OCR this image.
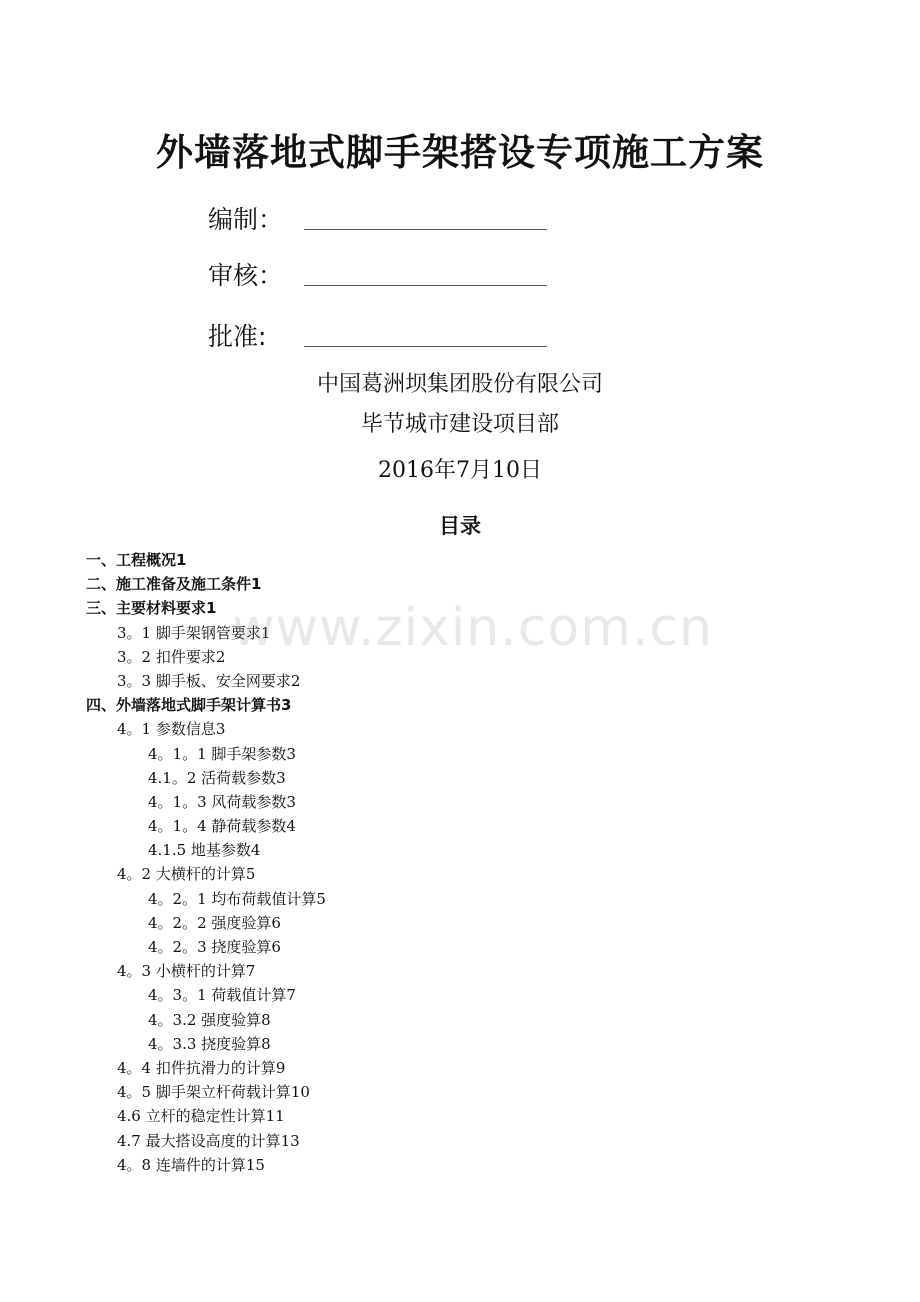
外墙落地式脚手架搭设专项施工方案
编制：
审核：
批准:
中国葛洲坝集团股份有限公司
毕节城市建设项目部
2016年7月10日
目录
一、工程概况1
二、施工准备及施工条件1
三、主要材料要求1
3。1 脚手架钢管要求1
3。2 扣件要求2
3。3 脚手板、安全网要求2
四、外墙落地式脚手架计算书3
4。1 参数信息3
4。1。1 脚手架参数3
4.1。2 活荷载参数3
4。1。3 风荷载参数3
4。1。4 静荷载参数4
4.1.5 地基参数4
4。2 大横杆的计算5
4。2。1 均布荷载值计算5
4。2。2 强度验算6
4。2。3 挠度验算6
4。3 小横杆的计算7
4。3。1 荷载值计算7
4。3.2 强度验算8
4。3.3 挠度验算8
4。4 扣件抗滑力的计算9
4。5 脚手架立杆荷载计算10
4.6 立杆的稳定性计算11
4.7 最大搭设高度的计算13
4。8 连墙件的计算15
www.zixin.com.cn
